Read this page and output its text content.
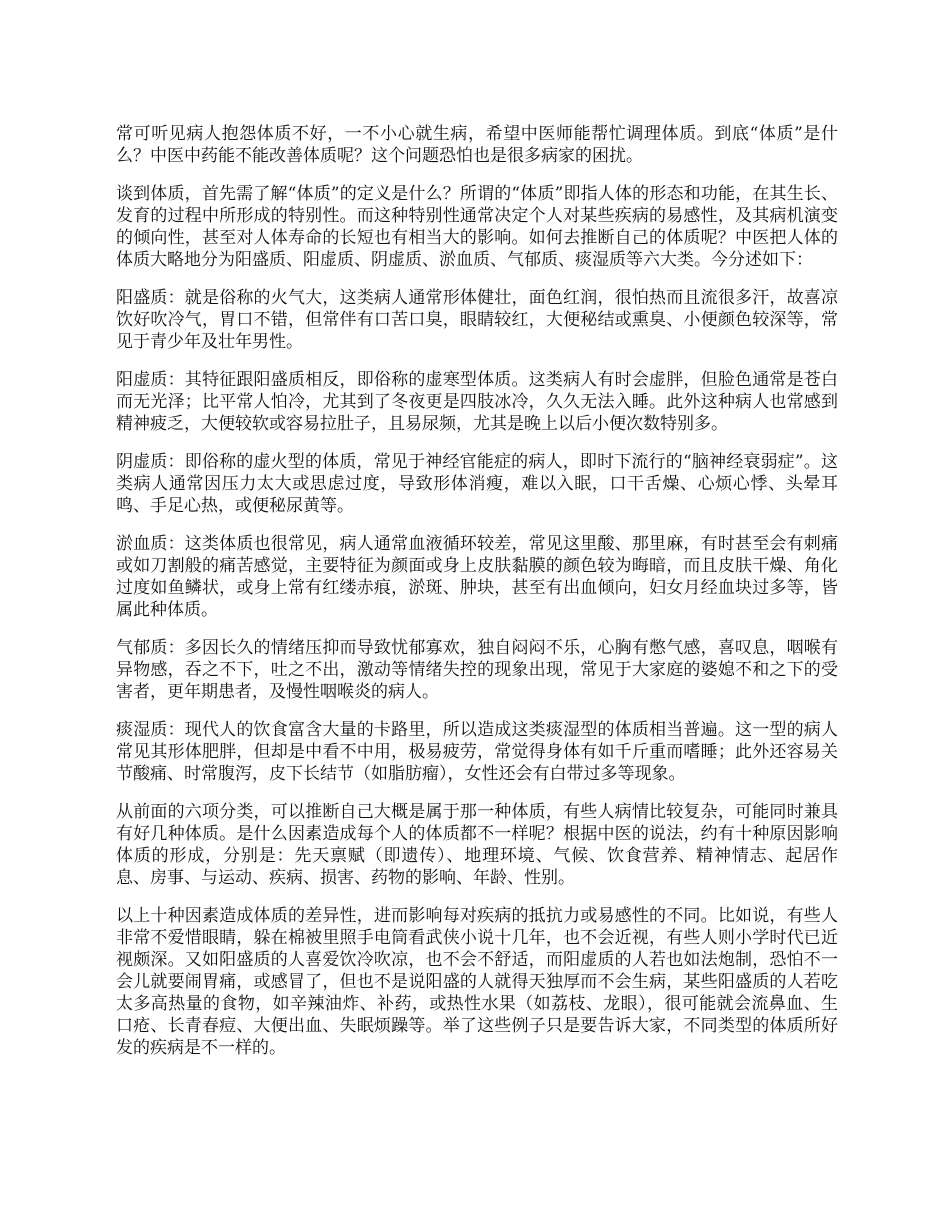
常可听见病人抱怨体质不好，一不小心就生病，希望中医师能帮忙调理体质。到底“体质”是什么？中医中药能不能改善体质呢？这个问题恐怕也是很多病家的困扰。

谈到体质，首先需了解“体质”的定义是什么？所谓的“体质”即指人体的形态和功能，在其生长、发育的过程中所形成的特别性。而这种特别性通常决定个人对某些疾病的易感性，及其病机演变的倾向性，甚至对人体寿命的长短也有相当大的影响。如何去推断自己的体质呢？中医把人体的体质大略地分为阳盛质、阳虚质、阴虚质、淤血质、气郁质、痰湿质等六大类。今分述如下：

阳盛质：就是俗称的火气大，这类病人通常形体健壮，面色红润，很怕热而且流很多汗，故喜凉饮好吹冷气，胃口不错，但常伴有口苦口臭，眼睛较红，大便秘结或熏臭、小便颜色较深等，常见于青少年及壮年男性。

阳虚质：其特征跟阳盛质相反，即俗称的虚寒型体质。这类病人有时会虚胖，但脸色通常是苍白而无光泽；比平常人怕冷，尤其到了冬夜更是四肢冰冷，久久无法入睡。此外这种病人也常感到精神疲乏，大便较软或容易拉肚子，且易尿频，尤其是晚上以后小便次数特别多。

阴虚质：即俗称的虚火型的体质，常见于神经官能症的病人，即时下流行的“脑神经衰弱症”。这类病人通常因压力太大或思虑过度，导致形体消瘦，难以入眠，口干舌燥、心烦心悸、头晕耳鸣、手足心热，或便秘尿黄等。

淤血质：这类体质也很常见，病人通常血液循环较差，常见这里酸、那里麻，有时甚至会有刺痛或如刀割般的痛苦感觉，主要特征为颜面或身上皮肤黏膜的颜色较为晦暗，而且皮肤干燥、角化过度如鱼鳞状，或身上常有红缕赤痕，淤斑、肿块，甚至有出血倾向，妇女月经血块过多等，皆属此种体质。

气郁质：多因长久的情绪压抑而导致忧郁寡欢，独自闷闷不乐，心胸有憋气感，喜叹息，咽喉有异物感，吞之不下，吐之不出，激动等情绪失控的现象出现，常见于大家庭的婆媳不和之下的受害者，更年期患者，及慢性咽喉炎的病人。

痰湿质：现代人的饮食富含大量的卡路里，所以造成这类痰湿型的体质相当普遍。这一型的病人常见其形体肥胖，但却是中看不中用，极易疲劳，常觉得身体有如千斤重而嗜睡；此外还容易关节酸痛、时常腹泻，皮下长结节（如脂肪瘤），女性还会有白带过多等现象。

从前面的六项分类，可以推断自己大概是属于那一种体质，有些人病情比较复杂，可能同时兼具有好几种体质。是什么因素造成每个人的体质都不一样呢？根据中医的说法，约有十种原因影响体质的形成，分别是：先天禀赋（即遗传）、地理环境、气候、饮食营养、精神情志、起居作息、房事、与运动、疾病、损害、药物的影响、年龄、性别。

以上十种因素造成体质的差异性，进而影响每对疾病的抵抗力或易感性的不同。比如说，有些人非常不爱惜眼睛，躲在棉被里照手电筒看武侠小说十几年，也不会近视，有些人则小学时代已近视颇深。又如阳盛质的人喜爱饮冷吹凉，也不会不舒适，而阳虚质的人若也如法炮制，恐怕不一会儿就要闹胃痛，或感冒了，但也不是说阳盛的人就得天独厚而不会生病，某些阳盛质的人若吃太多高热量的食物，如辛辣油炸、补药，或热性水果（如荔枝、龙眼），很可能就会流鼻血、生口疮、长青春痘、大便出血、失眠烦躁等。举了这些例子只是要告诉大家，不同类型的体质所好发的疾病是不一样的。
